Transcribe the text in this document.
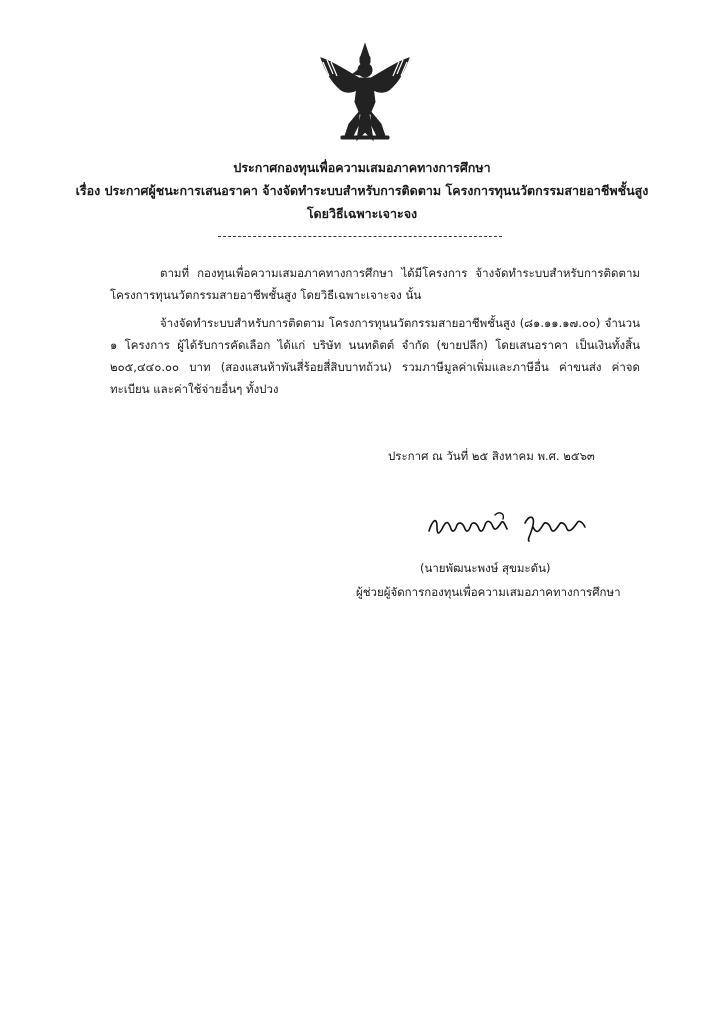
ประกาศกองทุนเพื่อความเสมอภาคทางการศึกษา
เรื่อง ประกาศผู้ชนะการเสนอราคา จ้างจัดทำระบบสำหรับการติดตาม โครงการทุนนวัตกรรมสายอาชีพชั้นสูง
โดยวิธีเฉพาะเจาะจง
ตามที่ กองทุนเพื่อความเสมอภาคทางการศึกษา ได้มีโครงการ จ้างจัดทำระบบสำหรับการติดตาม โครงการทุนนวัตกรรมสายอาชีพชั้นสูง โดยวิธีเฉพาะเจาะจง นั้น
จ้างจัดทำระบบสำหรับการติดตาม โครงการทุนนวัตกรรมสายอาชีพชั้นสูง (๘๑.๑๑.๑๗.๐๐) จำนวน ๑ โครงการ ผู้ได้รับการคัดเลือก ได้แก่ บริษัท นนทดิตต์ จำกัด (ขายปลีก) โดยเสนอราคา เป็นเงินทั้งสิ้น ๒๐๕,๔๔๐.๐๐ บาท (สองแสนห้าพันสี่ร้อยสี่สิบบาทถ้วน) รวมภาษีมูลค่าเพิ่มและภาษีอื่น ค่าขนส่ง ค่าจดทะเบียน และค่าใช้จ่ายอื่นๆ ทั้งปวง
ประกาศ ณ วันที่ ๒๕ สิงหาคม พ.ศ. ๒๕๖๓
(นายพัฒนะพงษ์ สุขมะดัน)
ผู้ช่วยผู้จัดการกองทุนเพื่อความเสมอภาคทางการศึกษา
